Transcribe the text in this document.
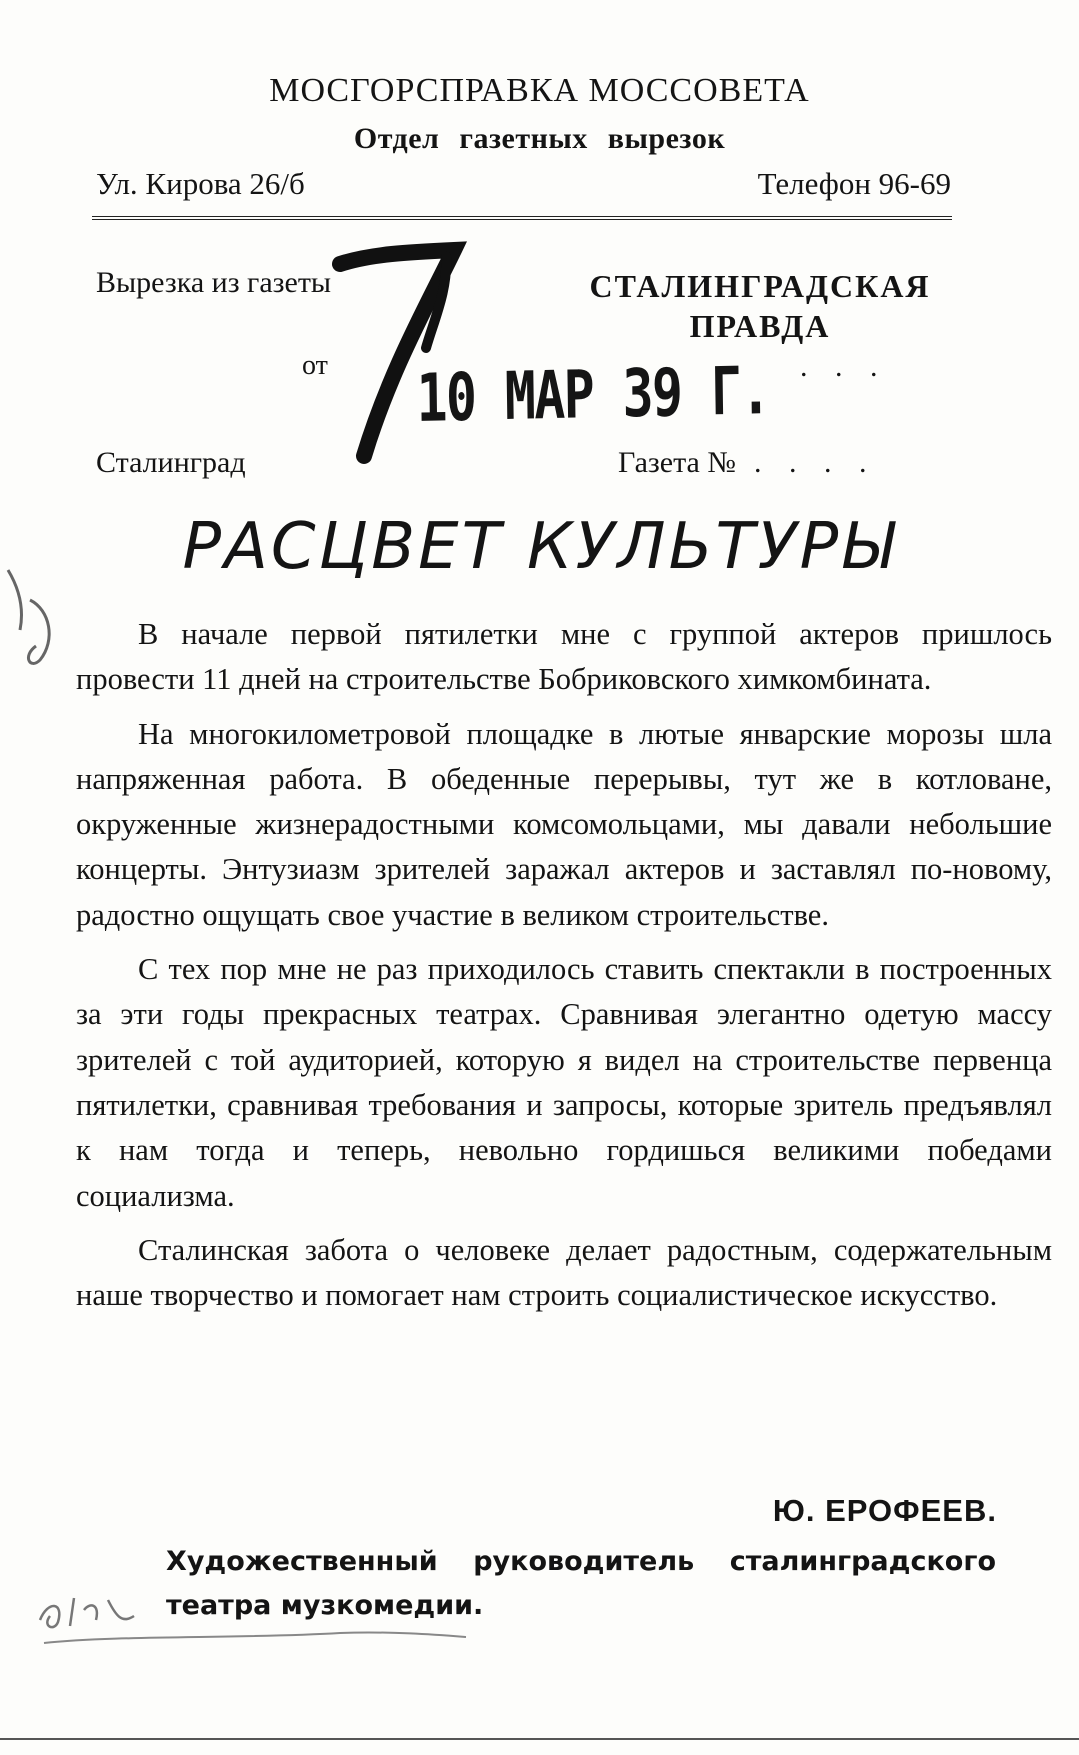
МОСГОРСПРАВКА МОССОВЕТА
Отдел газетных вырезок
Ул. Кирова 26/б	Телефон 96-69
Вырезка из газеты	СТАЛИНГРАДСКАЯ ПРАВДА
от	. . .
10 МАР 39 Г.
Сталинград	Газета № . . . .
РАСЦВЕТ КУЛЬТУРЫ

В начале первой пятилетки мне с группой актеров пришлось провести 11 дней на строительстве Бобриковского химкомбината.

На многокилометровой площадке в лютые январские морозы шла напряженная работа. В обеденные перерывы, тут же в котловане, окруженные жизнерадостными комсомольцами, мы давали небольшие концерты. Энтузиазм зрителей заражал актеров и заставлял по-новому, радостно ощущать свое участие в великом строительстве.

С тех пор мне не раз приходилось ставить спектакли в построенных за эти годы прекрасных театрах. Сравнивая элегантно одетую массу зрителей с той аудиторией, которую я видел на строительстве первенца пятилетки, сравнивая требования и запросы, которые зритель предъявлял к нам тогда и теперь, невольно гордишься великими победами социализма.

Сталинская забота о человеке делает радостным, содержательным наше творчество и помогает нам строить социалистическое искусство.

Ю. ЕРОФЕЕВ.
Художественный руководитель сталинградского
театра музкомедии.
